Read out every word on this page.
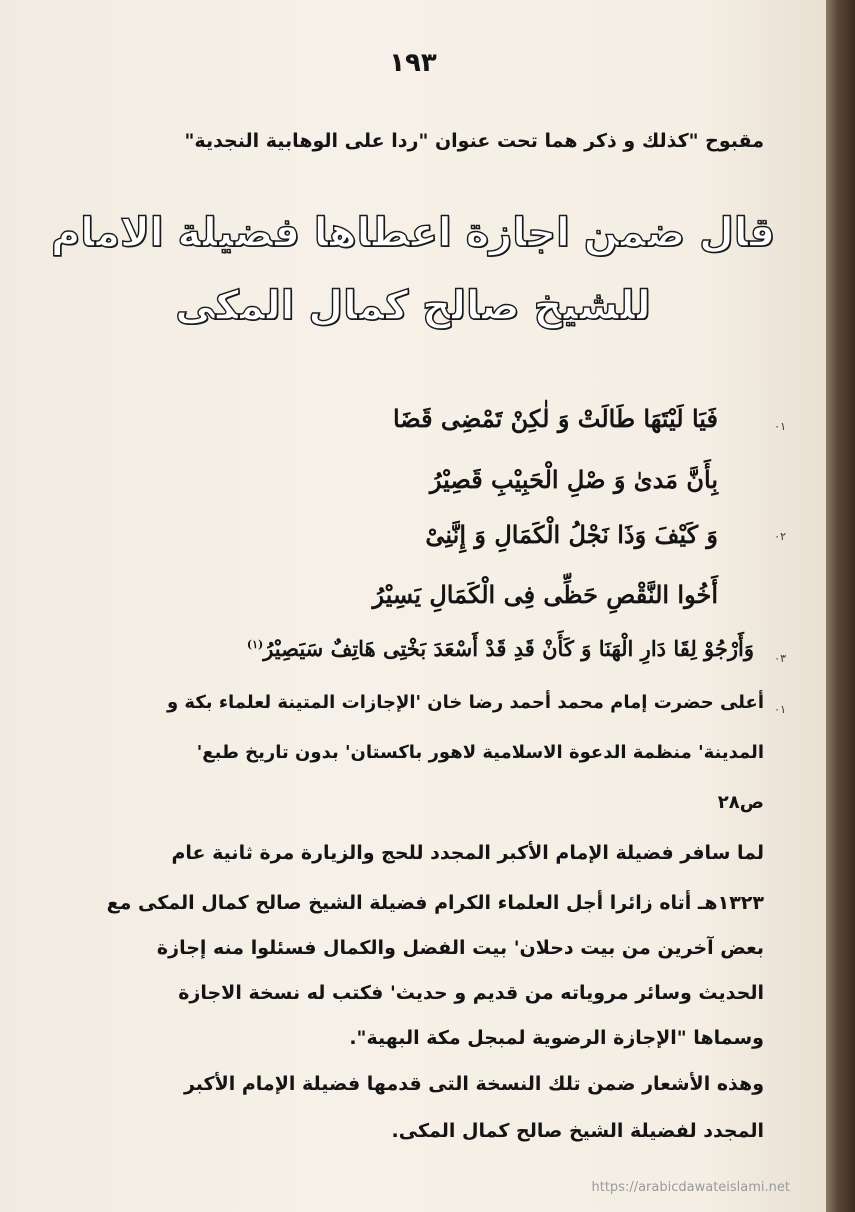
١٩٣
مقبوح "كذلك و ذكر هما تحت عنوان "ردا على الوهابية النجدية"
قال ضمن اجازة اعطاها فضيلة الامام
للشيخ صالح كمال المكى
٠١
فَيَا لَيْتَهَا طَالَتْ وَ لٰكِنْ تَمْضِى قَضَا
بِأَنَّ مَدىٰ وَ صْلِ الْحَبِيْبِ قَصِيْرُ
٠٢
وَ كَيْفَ وَذَا نَجْلُ الْكَمَالِ وَ إِنَّنِىْ
أَخُوا النَّقْصِ حَظِّى فِى الْكَمَالِ يَسِيْرُ
٠٣
وَأَرْجُوْ لِقَا دَارِ الْهَنَا وَ كَأَنْ قَدِ قَدْ أَسْعَدَ بَخْتِى هَاتِفٌ سَيَصِيْرُ$^{(١)}$
٠١
أعلى حضرت إمام محمد أحمد رضا خان 'الإجازات المتينة لعلماء بكة و
المدينة' منظمة الدعوة الاسلامية لاهور باكستان' بدون تاريخ طبع'
ص٢٨
لما سافر فضيلة الإمام الأكبر المجدد للحج والزيارة مرة ثانية عام
١٣٢٣هـ أتاه زائرا أجل العلماء الكرام فضيلة الشيخ صالح كمال المكى مع
بعض آخرين من بيت دحلان' بيت الفضل والكمال فسئلوا منه إجازة
الحديث وسائر مروياته من قديم و حديث' فكتب له نسخة الاجازة
وسماها "الإجازة الرضوية لمبجل مكة البهية".
وهذه الأشعار ضمن تلك النسخة التى قدمها فضيلة الإمام الأكبر
المجدد لفضيلة الشيخ صالح كمال المكى.
https://arabicdawateislami.net
